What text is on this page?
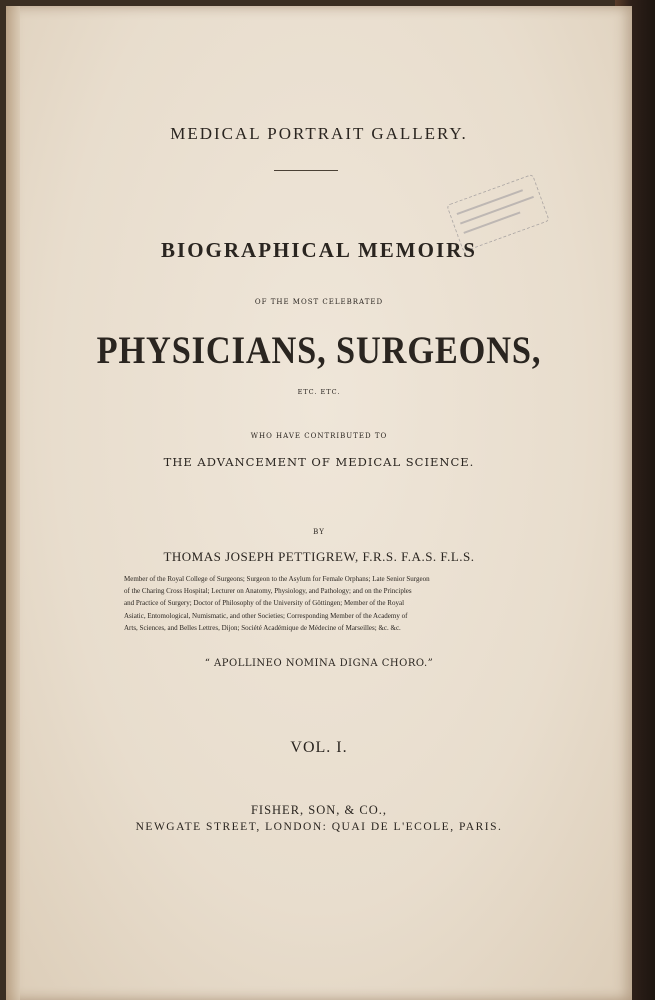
MEDICAL PORTRAIT GALLERY.
BIOGRAPHICAL MEMOIRS
OF THE MOST CELEBRATED
PHYSICIANS, SURGEONS,
ETC. ETC.
WHO HAVE CONTRIBUTED TO
THE ADVANCEMENT OF MEDICAL SCIENCE.
BY
THOMAS JOSEPH PETTIGREW, F.R.S. F.A.S. F.L.S.
Member of the Royal College of Surgeons; Surgeon to the Asylum for Female Orphans; Late Senior Surgeon
of the Charing Cross Hospital; Lecturer on Anatomy, Physiology, and Pathology; and on the Principles
and Practice of Surgery; Doctor of Philosophy of the University of Göttingen; Member of the Royal
Asiatic, Entomological, Numismatic, and other Societies; Corresponding Member of the Academy of
Arts, Sciences, and Belles Lettres, Dijon; Société Académique de Médecine of Marseilles; &c. &c.
“ APOLLINEO NOMINA DIGNA CHORO.”
VOL. I.
FISHER, SON, & CO.,
NEWGATE STREET, LONDON: QUAI DE L'ECOLE, PARIS.
